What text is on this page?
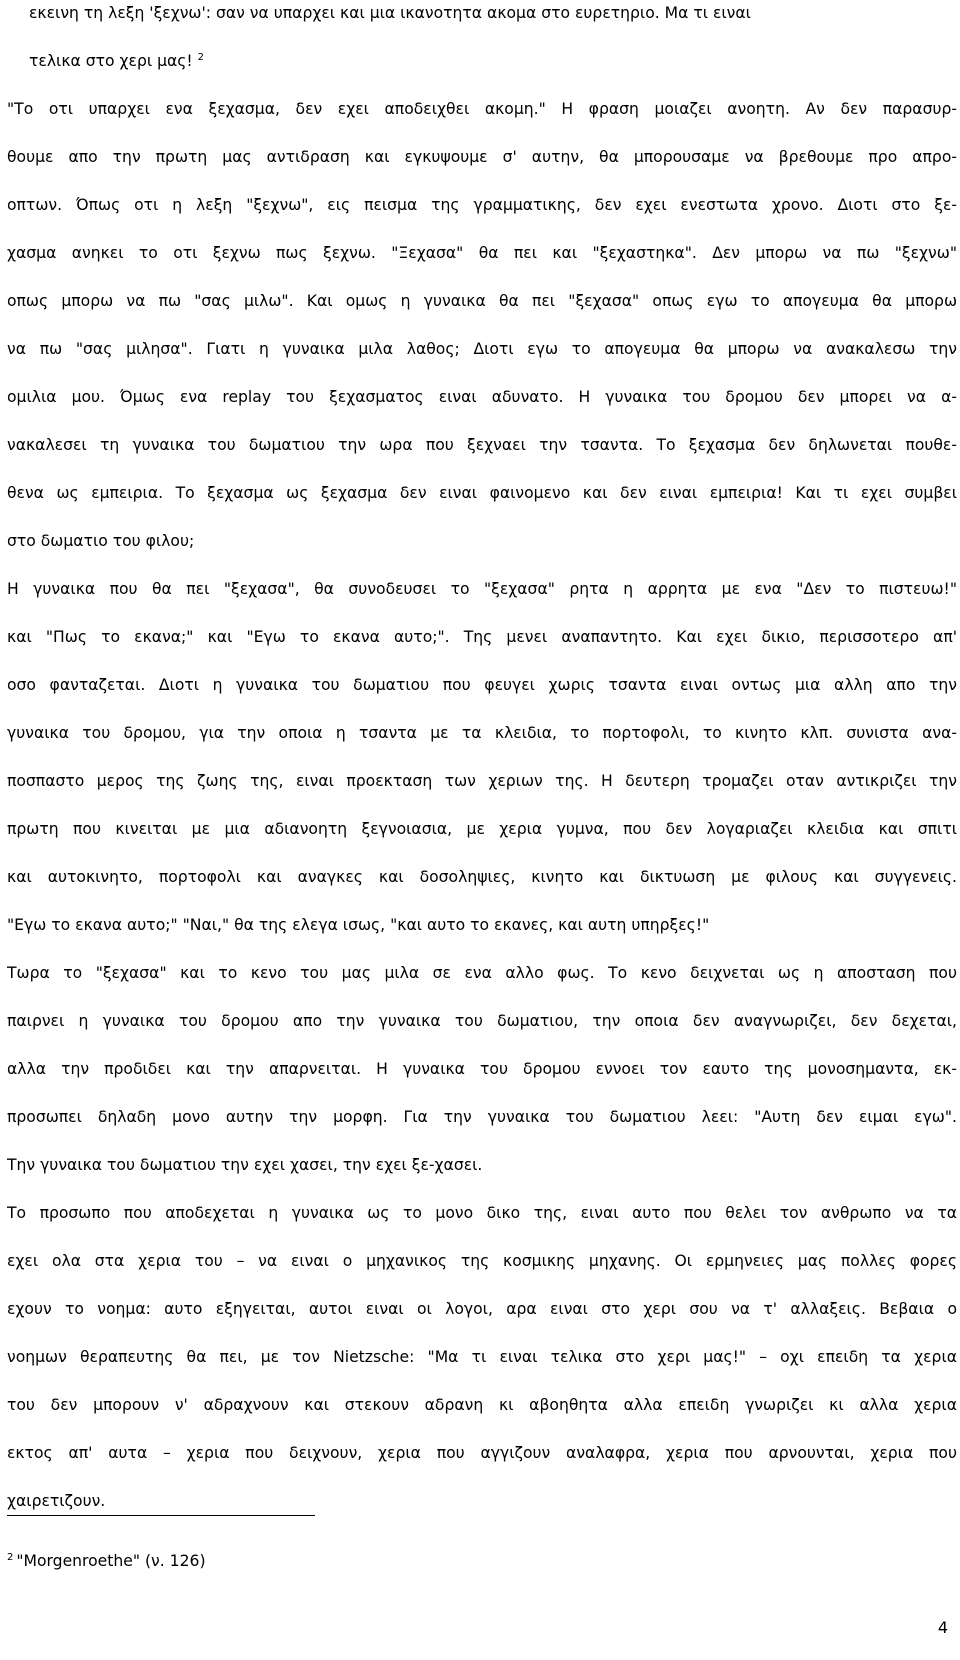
εκεινη τη λεξη 'ξεχνω': σαν να υπαρχει και μια ικανοτητα ακομα στο ευρετηριο. Μα τι ειναι
τελικα στο χερι μας! $^2$
"Το οτι υπαρχει ενα ξεχασμα, δεν εχει αποδειχθει ακομη." Η φραση μοιαζει ανοητη. Αν δεν παρασυρ-
θουμε απο την πρωτη μας αντιδραση και εγκυψουμε σ' αυτην, θα μπορουσαμε να βρεθουμε προ απρο-
οπτων. Όπως οτι η λεξη "ξεχνω", εις πεισμα της γραμματικης, δεν εχει ενεστωτα χρονο. Διοτι στο ξε-
χασμα ανηκει το οτι ξεχνω πως ξεχνω. "Ξεχασα" θα πει και "ξεχαστηκα". Δεν μπορω να πω "ξεχνω"
οπως μπορω να πω "σας μιλω". Και ομως η γυναικα θα πει "ξεχασα" οπως εγω το απογευμα θα μπορω
να πω "σας μιλησα". Γιατι η γυναικα μιλα λαθος; Διοτι εγω το απογευμα θα μπορω να ανακαλεσω την
ομιλια μου. Όμως ενα replay του ξεχασματος ειναι αδυνατο. Η γυναικα του δρομου δεν μπορει να α-
νακαλεσει τη γυναικα του δωματιου την ωρα που ξεχναει την τσαντα. Το ξεχασμα δεν δηλωνεται πουθε-
θενα ως εμπειρια. Το ξεχασμα ως ξεχασμα δεν ειναι φαινομενο και δεν ειναι εμπειρια! Και τι εχει συμβει
στο δωματιο του φιλου;
Η γυναικα που θα πει "ξεχασα", θα συνοδευσει το "ξεχασα" ρητα η αρρητα με ενα "Δεν το πιστευω!"
και "Πως το εκανα;" και "Εγω το εκανα αυτο;". Της μενει αναπαντητο. Και εχει δικιο, περισσοτερο απ'
οσο φανταζεται. Διοτι η γυναικα του δωματιου που φευγει χωρις τσαντα ειναι οντως μια αλλη απο την
γυναικα του δρομου, για την οποια η τσαντα με τα κλειδια, το πορτοφολι, το κινητο κλπ. συνιστα ανα-
ποσπαστο μερος της ζωης της, ειναι προεκταση των χεριων της. Η δευτερη τρομαζει οταν αντικριζει την
πρωτη που κινειται με μια αδιανοητη ξεγνοιασια, με χερια γυμνα, που δεν λογαριαζει κλειδια και σπιτι
και αυτοκινητο, πορτοφολι και αναγκες και δοσοληψιες, κινητο και δικτυωση με φιλους και συγγενεις.
"Εγω το εκανα αυτο;" "Ναι," θα της ελεγα ισως, "και αυτο το εκανες, και αυτη υπηρξες!"
Τωρα το "ξεχασα" και το κενο του μας μιλα σε ενα αλλο φως. Το κενο δειχνεται ως η αποσταση που
παιρνει η γυναικα του δρομου απο την γυναικα του δωματιου, την οποια δεν αναγνωριζει, δεν δεχεται,
αλλα την προδιδει και την απαρνειται. Η γυναικα του δρομου εννοει τον εαυτο της μονοσημαντα, εκ-
προσωπει δηλαδη μονο αυτην την μορφη. Για την γυναικα του δωματιου λεει: "Αυτη δεν ειμαι εγω".
Την γυναικα του δωματιου την εχει χασει, την εχει ξε-χασει.
Το προσωπο που αποδεχεται η γυναικα ως το μονο δικο της, ειναι αυτο που θελει τον ανθρωπο να τα
εχει ολα στα χερια του – να ειναι ο μηχανικος της κοσμικης μηχανης. Οι ερμηνειες μας πολλες φορες
εχουν το νοημα: αυτο εξηγειται, αυτοι ειναι οι λογοι, αρα ειναι στο χερι σου να τ' αλλαξεις. Βεβαια ο
νοημων θεραπευτης θα πει, με τον Nietzsche: "Μα τι ειναι τελικα στο χερι μας!" – οχι επειδη τα χερια
του δεν μπορουν ν' αδραχνουν και στεκουν αδρανη κι αβοηθητα αλλα επειδη γνωριζει κι αλλα χερια
εκτος απ' αυτα – χερια που δειχνουν, χερια που αγγιζουν αναλαφρα, χερια που αρνουνται, χερια που
χαιρετιζουν.
$^2$ "Morgenroethe" (ν. 126)
4
